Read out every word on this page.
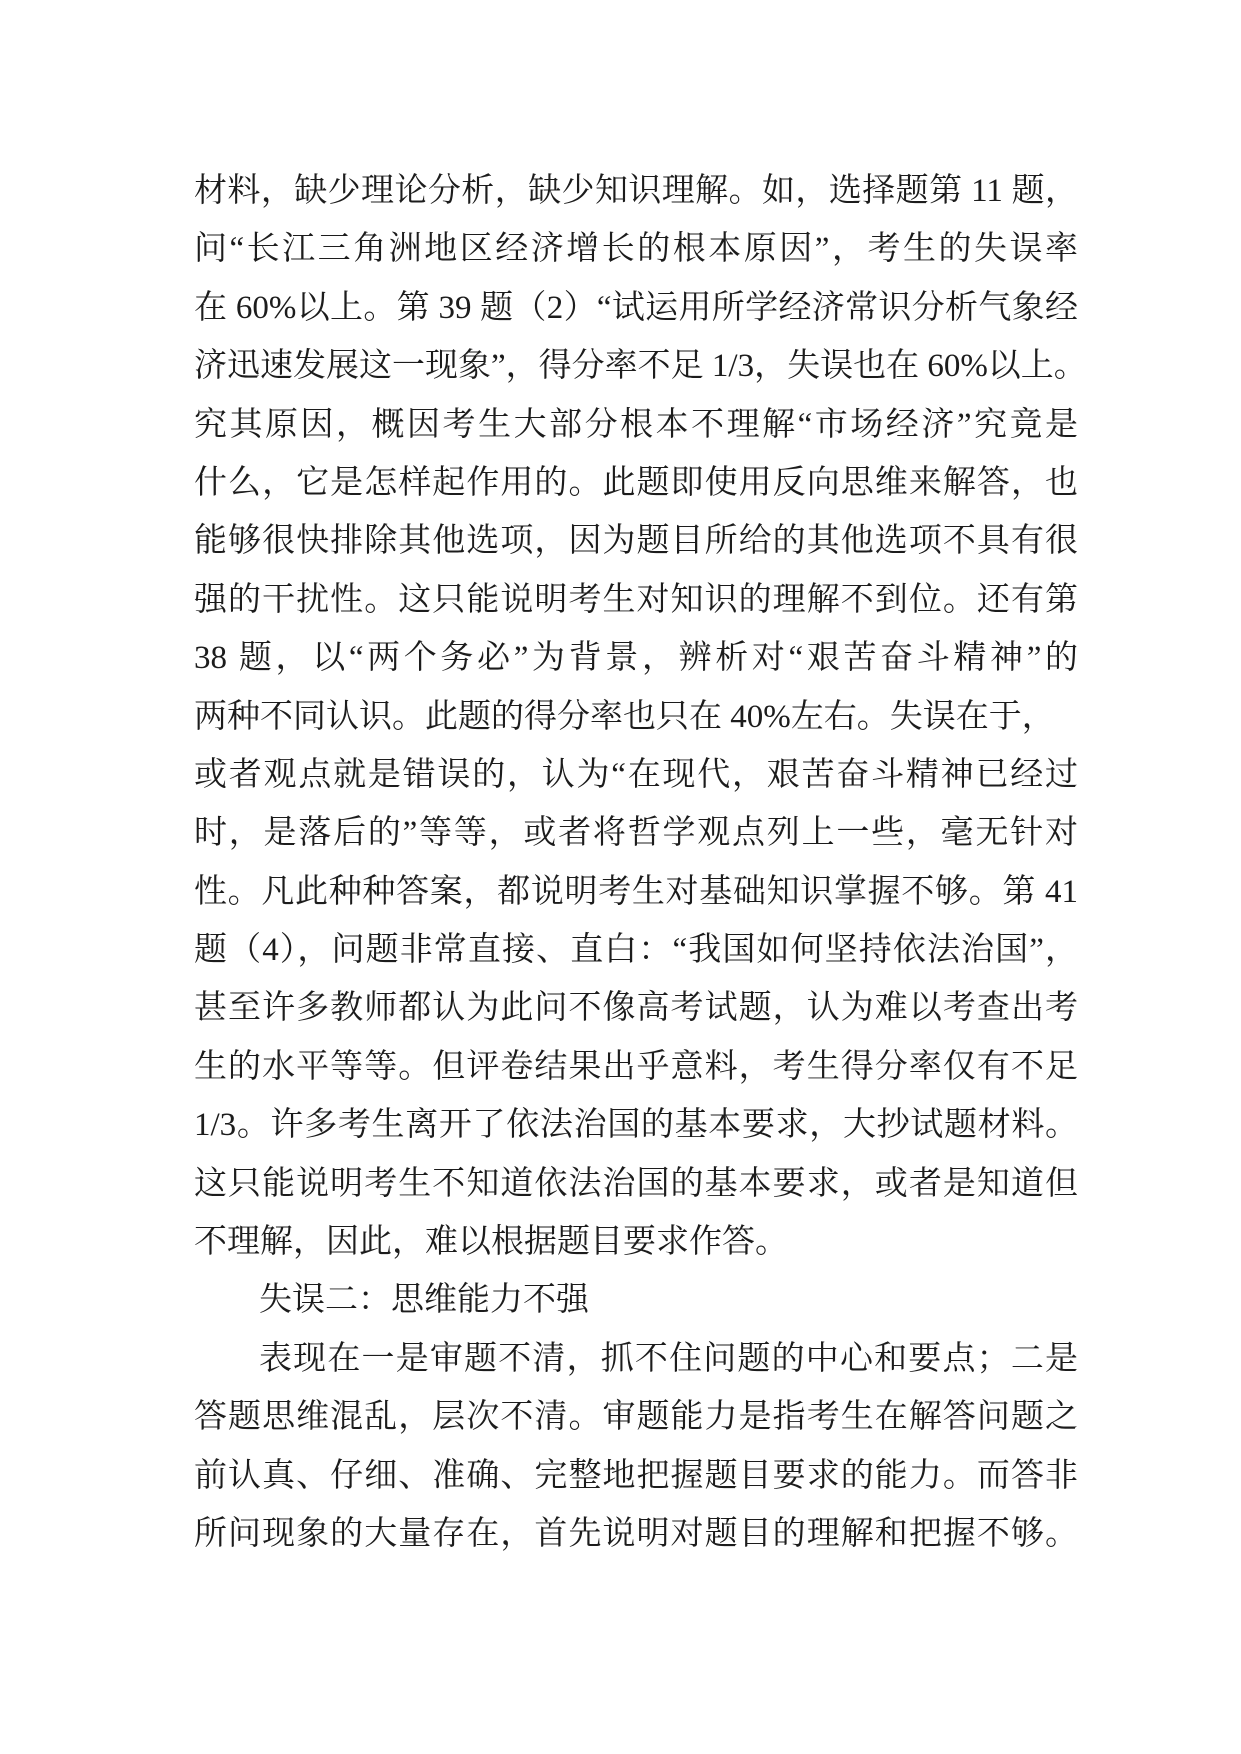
材料，缺少理论分析，缺少知识理解。如，选择题第 11 题，
问“长江三角洲地区经济增长的根本原因”，考生的失误率
在 60%以上。第 39 题（2）“试运用所学经济常识分析气象经
济迅速发展这一现象”，得分率不足 1/3，失误也在 60%以上。
究其原因，概因考生大部分根本不理解“市场经济”究竟是
什么，它是怎样起作用的。此题即使用反向思维来解答，也
能够很快排除其他选项，因为题目所给的其他选项不具有很
强的干扰性。这只能说明考生对知识的理解不到位。还有第
38 题，以“两个务必”为背景，辨析对“艰苦奋斗精神”的
两种不同认识。此题的得分率也只在 40%左右。失误在于，
或者观点就是错误的，认为“在现代，艰苦奋斗精神已经过
时，是落后的”等等，或者将哲学观点列上一些，毫无针对
性。凡此种种答案，都说明考生对基础知识掌握不够。第 41
题（4），问题非常直接、直白：“我国如何坚持依法治国”，
甚至许多教师都认为此问不像高考试题，认为难以考查出考
生的水平等等。但评卷结果出乎意料，考生得分率仅有不足
1/3。许多考生离开了依法治国的基本要求，大抄试题材料。
这只能说明考生不知道依法治国的基本要求，或者是知道但
不理解，因此，难以根据题目要求作答。
失误二：思维能力不强
表现在一是审题不清，抓不住问题的中心和要点；二是
答题思维混乱，层次不清。审题能力是指考生在解答问题之
前认真、仔细、准确、完整地把握题目要求的能力。而答非
所问现象的大量存在，首先说明对题目的理解和把握不够。
